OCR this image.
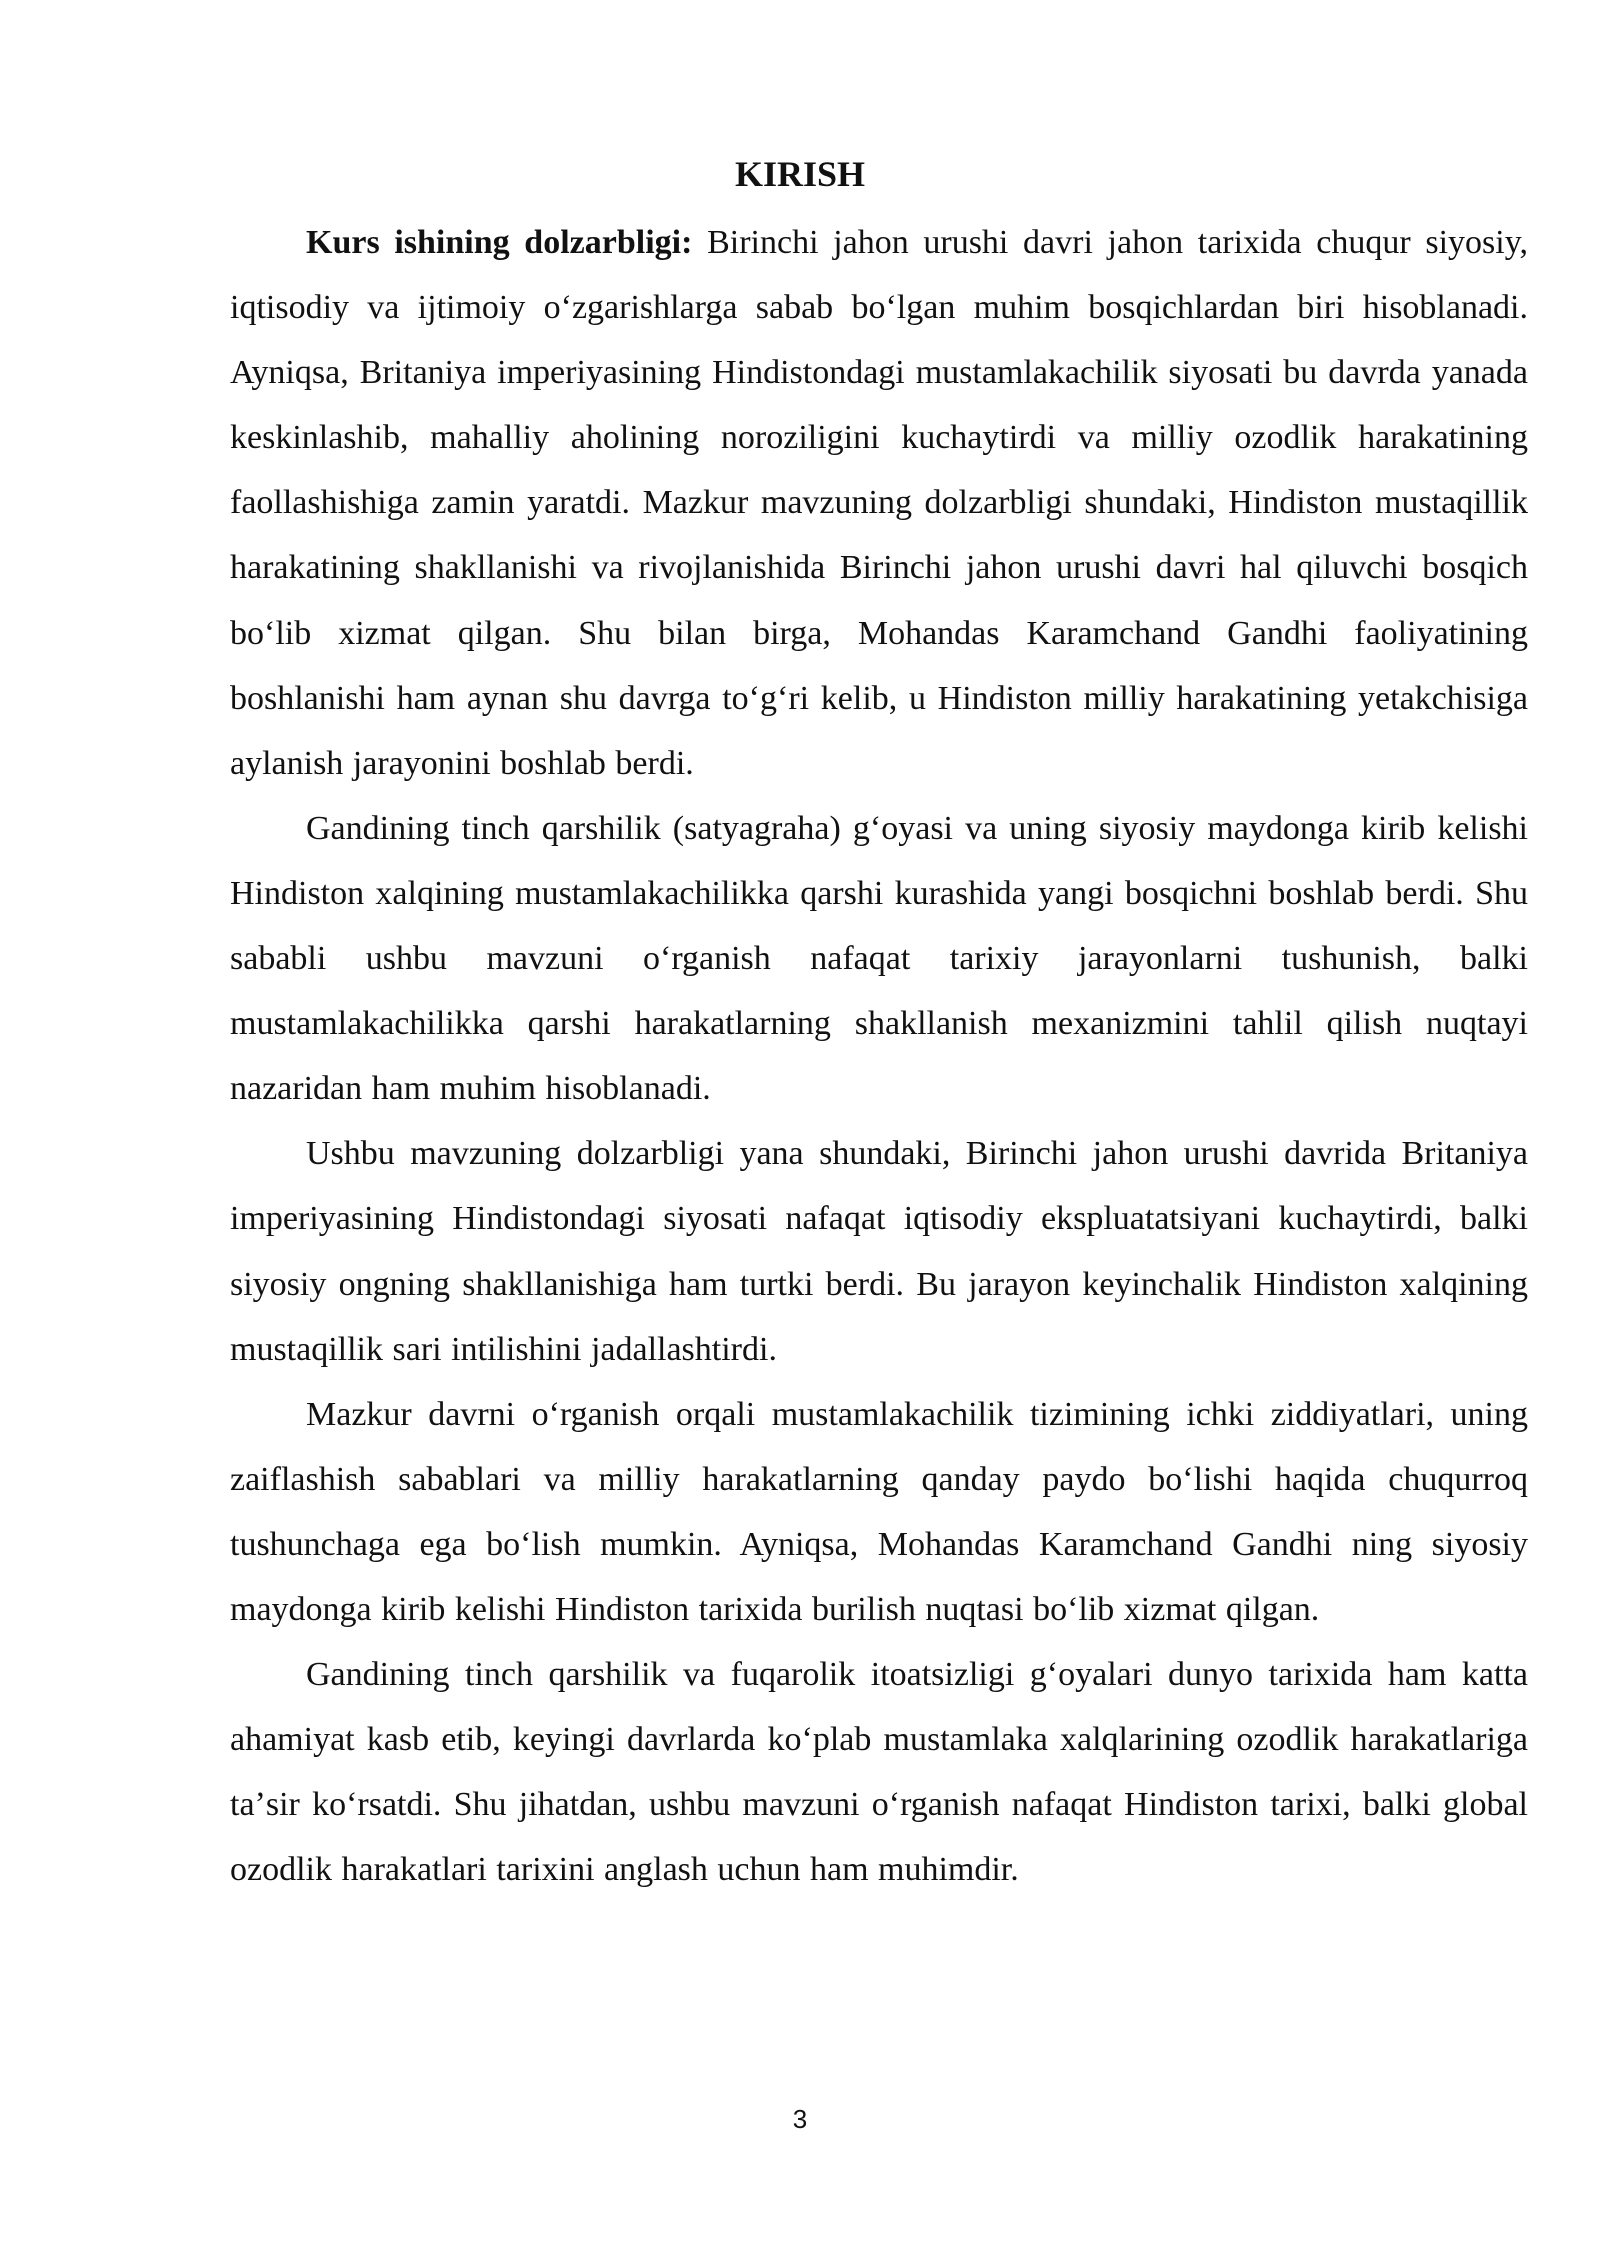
KIRISH

Kurs ishining dolzarbligi: Birinchi jahon urushi davri jahon tarixida chuqur siyosiy, iqtisodiy va ijtimoiy oʻzgarishlarga sabab boʻlgan muhim bosqichlardan biri hisoblanadi. Ayniqsa, Britaniya imperiyasining Hindistondagi mustamlakachilik siyosati bu davrda yanada keskinlashib, mahalliy aholining noroziligini kuchaytirdi va milliy ozodlik harakatining faollashishiga zamin yaratdi. Mazkur mavzuning dolzarbligi shundaki, Hindiston mustaqillik harakatining shakllanishi va rivojlanishida Birinchi jahon urushi davri hal qiluvchi bosqich boʻlib xizmat qilgan. Shu bilan birga, Mohandas Karamchand Gandhi faoliyatining boshlanishi ham aynan shu davrga toʻgʻri kelib, u Hindiston milliy harakatining yetakchisiga aylanish jarayonini boshlab berdi.

Gandining tinch qarshilik (satyagraha) gʻoyasi va uning siyosiy maydonga kirib kelishi Hindiston xalqining mustamlakachilikka qarshi kurashida yangi bosqichni boshlab berdi. Shu sababli ushbu mavzuni oʻrganish nafaqat tarixiy jarayonlarni tushunish, balki mustamlakachilikka qarshi harakatlarning shakllanish mexanizmini tahlil qilish nuqtayi nazaridan ham muhim hisoblanadi.

Ushbu mavzuning dolzarbligi yana shundaki, Birinchi jahon urushi davrida Britaniya imperiyasining Hindistondagi siyosati nafaqat iqtisodiy ekspluatatsiyani kuchaytirdi, balki siyosiy ongning shakllanishiga ham turtki berdi. Bu jarayon keyinchalik Hindiston xalqining mustaqillik sari intilishini jadallashtirdi.

Mazkur davrni oʻrganish orqali mustamlakachilik tizimining ichki ziddiyatlari, uning zaiflashish sabablari va milliy harakatlarning qanday paydo boʻlishi haqida chuqurroq tushunchaga ega boʻlish mumkin. Ayniqsa, Mohandas Karamchand Gandhi ning siyosiy maydonga kirib kelishi Hindiston tarixida burilish nuqtasi boʻlib xizmat qilgan.

Gandining tinch qarshilik va fuqarolik itoatsizligi gʻoyalari dunyo tarixida ham katta ahamiyat kasb etib, keyingi davrlarda koʻplab mustamlaka xalqlarining ozodlik harakatlariga taʼsir koʻrsatdi. Shu jihatdan, ushbu mavzuni oʻrganish nafaqat Hindiston tarixi, balki global ozodlik harakatlari tarixini anglash uchun ham muhimdir.

3
